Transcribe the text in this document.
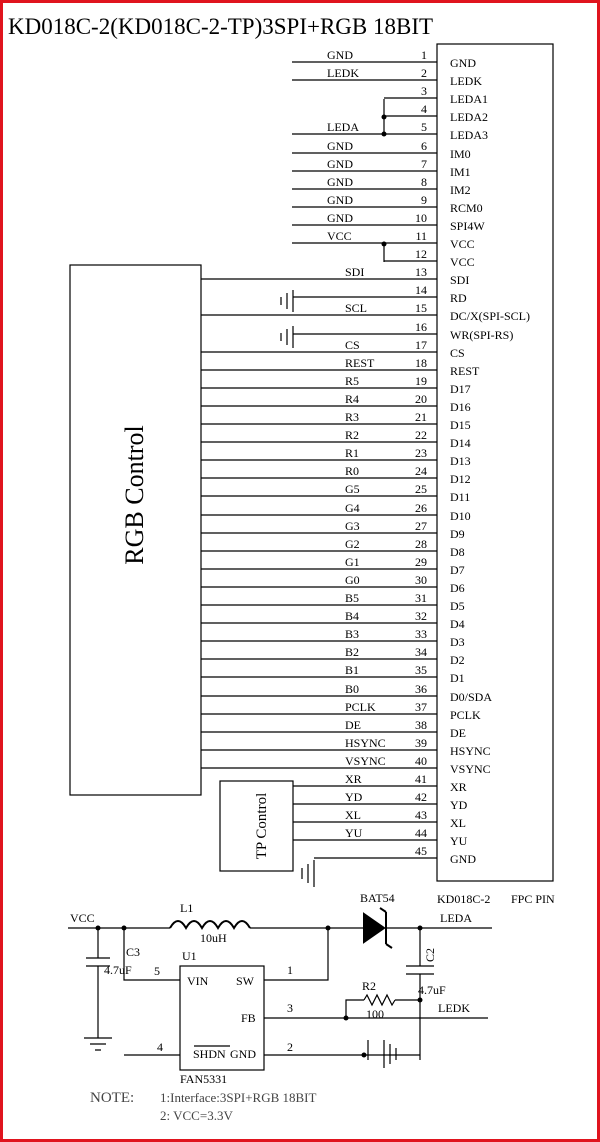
KD018C-2(KD018C-2-TP)3SPI+RGB 18BIT
KD018C-2 FPC PIN
RGB Control
TP Control
1
GND
GND
2
LEDK
LEDK
3
LEDA1
4
LEDA2
5
LEDA3
LEDA
6
IM0
GND
7
IM1
GND
8
IM2
GND
9
RCM0
GND
10
SPI4W
GND
11
VCC
VCC
12
VCC
13
SDI
SDI
14
RD
15
DC/X(SPI-SCL)
SCL
16
WR(SPI-RS)
17
CS
CS
18
REST
REST
19
D17
R5
20
D16
R4
21
D15
R3
22
D14
R2
23
D13
R1
24
D12
R0
25
D11
G5
26
D10
G4
27
D9
G3
28
D8
G2
29
D7
G1
30
D6
G0
31
D5
B5
32
D4
B4
33
D3
B3
34
D2
B2
35
D1
B1
36
D0/SDA
B0
37
PCLK
PCLK
38
DE
DE
39
HSYNC
HSYNC
40
VSYNC
VSYNC
41
XR
XR
42
YD
YD
43
XL
XL
44
YU
YU
45
GND
VCC
L1
10uH
BAT54
LEDA
C2
4.7uF
C3
4.7uF
U1
VIN SW
FB
SHDN GND
5
4
1
3
2
FAN5331
LEDK
R2
100
NOTE: 1:Interface:3SPI+RGB 18BIT
2: VCC=3.3V
